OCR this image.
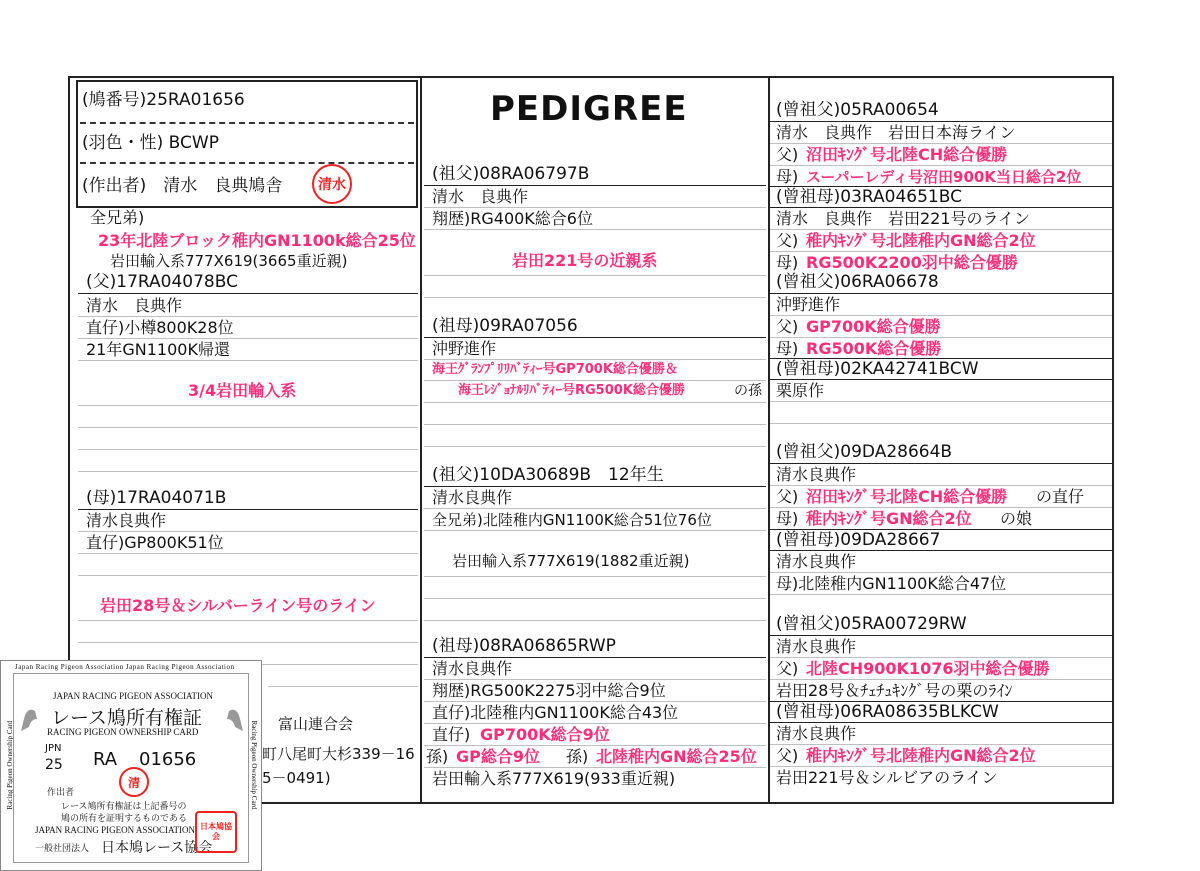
(鳩番号)25RA01656
(羽色・性) BCWP
(作出者)　清水　良典鳩舎	清水
PEDIGREE
全兄弟)
23年北陸ブロック稚内GN1100k総合25位
岩田輸入系777X619(3665重近親)
(父)17RA04078BC
清水　良典作
直仔)小樽800K28位
21年GN1100K帰還
3/4岩田輸入系
(母)17RA04071B
清水良典作
直仔)GP800K51位
岩田28号＆シルバーライン号のライン
富山連合会
町八尾町大杉339－16
5－0491)
(祖父)08RA06797B
清水　良典作
翔歴)RG400K総合6位
岩田221号の近親系
(祖母)09RA07056
沖野進作
海王ｸﾞﾗﾝﾌﾟﾘﾘﾊﾞﾃｨｰ号GP700K総合優勝＆
海王ﾚｼﾞｮﾅﾙﾘﾊﾞﾃｨｰ号RG500K総合優勝	の孫
(祖父)10DA30689B　12年生
清水良典作
全兄弟)北陸稚内GN1100K総合51位76位
岩田輸入系777X619(1882重近親)
(祖母)08RA06865RWP
清水良典作
翔歴)RG500K2275羽中総合9位
直仔)北陸稚内GN1100K総合43位
直仔) GP700K総合9位
孫) GP総合9位 孫) 北陸稚内GN総合25位
岩田輸入系777X619(933重近親)
(曾祖父)05RA00654
清水　良典作　岩田日本海ライン
父) 沼田ｷﾝｸﾞ号北陸CH総合優勝
母) スーパーレディ号沼田900K当日総合2位
(曾祖母)03RA04651BC
清水　良典作　岩田221号のライン
父) 稚内ｷﾝｸﾞ号北陸稚内GN総合2位
母) RG500K2200羽中総合優勝
(曾祖父)06RA06678
沖野進作
父) GP700K総合優勝
母) RG500K総合優勝
(曾祖母)02KA42741BCW
栗原作
(曾祖父)09DA28664B
清水良典作
父) 沼田ｷﾝｸﾞ号北陸CH総合優勝 の直仔
母) 稚内ｷﾝｸﾞ号GN総合2位 の娘
(曾祖母)09DA28667
清水良典作
母)北陸稚内GN1100K総合47位
(曾祖父)05RA00729RW
清水良典作
父) 北陸CH900K1076羽中総合優勝
岩田28号＆ﾁｪﾁｭｷﾝｸﾞ号の栗のﾗｲﾝ
(曾祖母)06RA08635BLKCW
清水良典作
父) 稚内ｷﾝｸﾞ号北陸稚内GN総合2位
岩田221号＆シルビアのライン
Japan Racing Pigeon Association Japan Racing Pigeon Association
Racing Pigeon Ownership Card	Racing Pigeon Ownership Card
JAPAN RACING PIGEON ASSOCIATION
レース鳩所有権証
RACING PIGEON OWNERSHIP CARD
JPN
25 RA 01656
清
作出者
レース鳩所有権証は上記番号の
鳩の所有を証明するものである
JAPAN RACING PIGEON ASSOCIATION
一般社団法人 日本鳩レース協会
日本鳩協会
